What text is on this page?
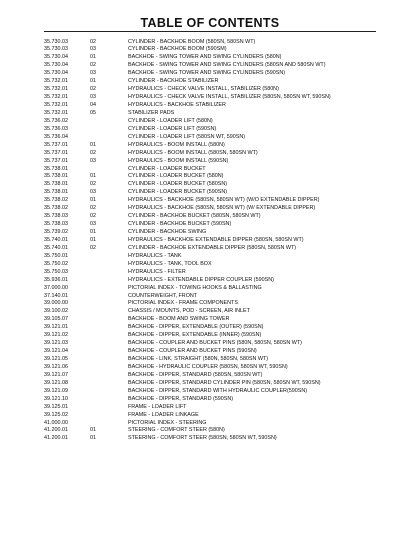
TABLE OF CONTENTS
35.730.03	02	CYLINDER - BACKHOE BOOM (580SN, 580SN WT)
35.730.03	03	CYLINDER - BACKHOE BOOM (590SM)
35.730.04	01	BACKHOE - SWING TOWER AND SWING CYLINDERS (580N)
35.730.04	02	BACKHOE - SWING TOWER AND SWING CYLINDERS (580SN AND 580SN WT)
35.730.04	03	BACKHOE - SWING TOWER AND SWING CYLINDERS (590SN)
35.732.01	01	CYLINDER - BACKHOE STABILIZER
35.732.01	02	HYDRAULICS - CHECK VALVE INSTALL, STABILIZER (580N)
35.732.01	03	HYDRAULICS - CHECK VALVE INSTALL, STABILIZER (580SN, 580SN WT, 590SN)
35.732.01	04	HYDRAULICS - BACKHOE STABILIZER
35.732.01	05	STABILIZER PADS
35.736.02	CYLINDER - LOADER LIFT (580N)
35.736.03	CYLINDER - LOADER LIFT (590SN)
35.736.04	CYLINDER - LOADER LIFT (580SN WT, 590SN)
35.737.01	01	HYDRAULICS - BOOM INSTALL (580N)
35.737.01	02	HYDRAULICS - BOOM INSTALL (580SN, 580SN WT)
35.737.01	03	HYDRAULICS - BOOM INSTALL (590SN)
35.738.01	CYLINDER - LOADER BUCKET
35.738.01	01	CYLINDER - LOADER BUCKET (580N)
35.738.01	02	CYLINDER - LOADER BUCKET (580SN)
35.738.01	03	CYLINDER - LOADER BUCKET (590SN)
35.738.02	01	HYDRAULICS - BACKHOE (580SN, 580SN WT) (W/O EXTENDABLE DIPPER)
35.738.02	02	HYDRAULICS - BACKHOE (580SN, 580SN WT) (W/ EXTENDABLE DIPPER)
35.738.03	02	CYLINDER - BACKHOE BUCKET (580SN, 580SN WT)
35.738.03	03	CYLINDER - BACKHOE BUCKET (590SN)
35.739.02	01	CYLINDER - BACKHOE SWING
35.740.01	01	HYDRAULICS - BACKHOE EXTENDABLE DIPPER (580SN, 580SN WT)
35.740.01	02	CYLINDER - BACKHOE EXTENDABLE DIPPER (580SN, 580SN WT)
35.750.01	HYDRAULICS - TANK
35.750.02	HYDRAULICS - TANK, TOOL BOX
35.750.03	HYDRAULICS - FILTER
35.936.01	HYDRAULICS - EXTENDABLE DIPPER COUPLER (590SN)
37.000.00	PICTORIAL INDEX - TOWING HOOKS & BALLASTING
37.140.01	COUNTERWEIGHT, FRONT
39.000.00	PICTORIAL INDEX - FRAME COMPONENTS
39.100.02	CHASSIS / MOUNTS, POD - SCREEN, AIR INLET
39.105.07	BACKHOE - BOOM AND SWING TOWER
39.121.01	BACKHOE - DIPPER, EXTENDABLE (OUTER) (590SN)
39.121.02	BACKHOE - DIPPER, EXTENDABLE (INNER) (590SN)
39.121.03	BACKHOE - COUPLER AND BUCKET PINS (580N, 580SN, 580SN WT)
39.121.04	BACKHOE - COUPLER AND BUCKET PINS (590SN)
39.121.05	BACKHOE - LINK, STRAIGHT (580N, 580SN, 580SN WT)
39.121.06	BACKHOE - HYDRAULIC COUPLER (580SN, 580SN WT, 590SN)
39.121.07	BACKHOE - DIPPER, STANDARD (580SN, 580SN WT)
39.121.08	BACKHOE - DIPPER, STANDARD CYLINDER PIN (580SN, 580SN WT, 590SN)
39.121.09	BACKHOE - DIPPER, STANDARD WITH HYDRAULIC COUPLER(590SN)
39.121.10	BACKHOE - DIPPER, STANDARD (590SN)
39.125.01	FRAME - LOADER LIFT
39.125.02	FRAME - LOADER LINKAGE
41.000.00	PICTORIAL INDEX - STEERING
41.200.01	01	STEERING - COMFORT STEER (580N)
41.200.01	01	STEERING - COMFORT STEER (580SN, 580SN WT, 590SN)
